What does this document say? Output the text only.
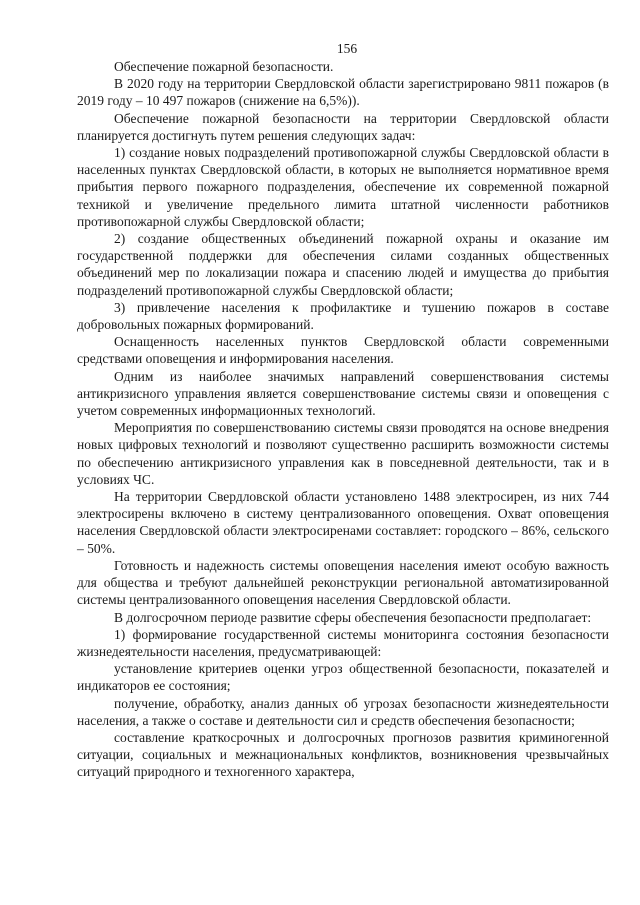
156

Обеспечение пожарной безопасности.

В 2020 году на территории Свердловской области зарегистрировано 9811 пожаров (в 2019 году – 10 497 пожаров (снижение на 6,5%)).

Обеспечение пожарной безопасности на территории Свердловской области планируется достигнуть путем решения следующих задач:

1) создание новых подразделений противопожарной службы Свердловской области в населенных пунктах Свердловской области, в которых не выполняется нормативное время прибытия первого пожарного подразделения, обеспечение их современной пожарной техникой и увеличение предельного лимита штатной численности работников противопожарной службы Свердловской области;

2) создание общественных объединений пожарной охраны и оказание им государственной поддержки для обеспечения силами созданных общественных объединений мер по локализации пожара и спасению людей и имущества до прибытия подразделений противопожарной службы Свердловской области;

3) привлечение населения к профилактике и тушению пожаров в составе добровольных пожарных формирований.

Оснащенность населенных пунктов Свердловской области современными средствами оповещения и информирования населения.

Одним из наиболее значимых направлений совершенствования системы антикризисного управления является совершенствование системы связи и оповещения с учетом современных информационных технологий.

Мероприятия по совершенствованию системы связи проводятся на основе внедрения новых цифровых технологий и позволяют существенно расширить возможности системы по обеспечению антикризисного управления как в повседневной деятельности, так и в условиях ЧС.

На территории Свердловской области установлено 1488 электросирен, из них 744 электросирены включено в систему централизованного оповещения. Охват оповещения населения Свердловской области электросиренами составляет: городского – 86%, сельского – 50%.

Готовность и надежность системы оповещения населения имеют особую важность для общества и требуют дальнейшей реконструкции региональной автоматизированной системы централизованного оповещения населения Свердловской области.

В долгосрочном периоде развитие сферы обеспечения безопасности предполагает:

1) формирование государственной системы мониторинга состояния безопасности жизнедеятельности населения, предусматривающей:

установление критериев оценки угроз общественной безопасности, показателей и индикаторов ее состояния;

получение, обработку, анализ данных об угрозах безопасности жизнедеятельности населения, а также о составе и деятельности сил и средств обеспечения безопасности;

составление краткосрочных и долгосрочных прогнозов развития криминогенной ситуации, социальных и межнациональных конфликтов, возникновения чрезвычайных ситуаций природного и техногенного характера,
